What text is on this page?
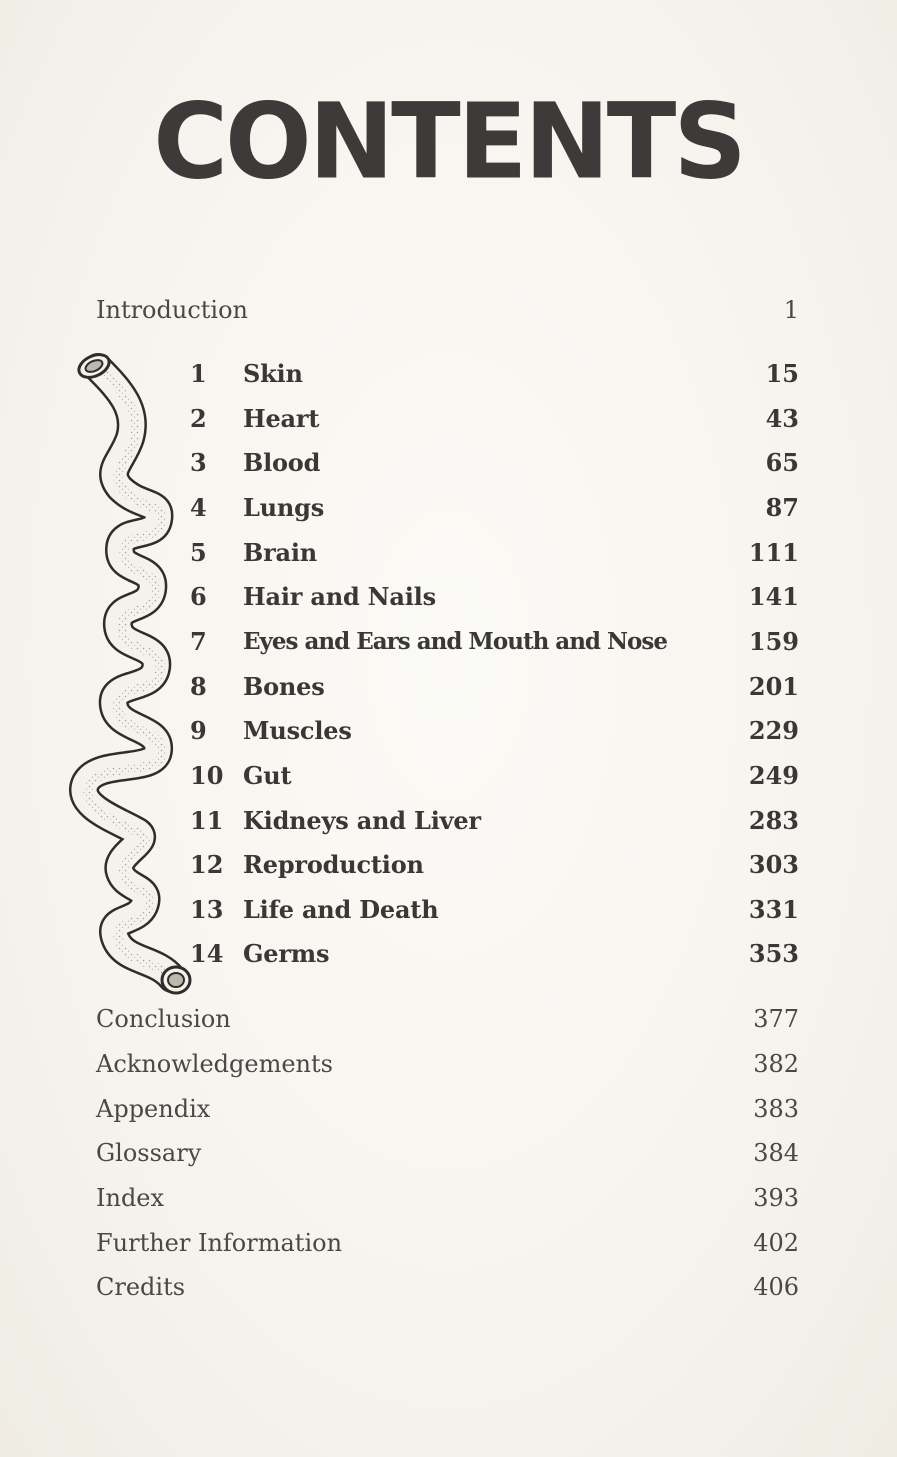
CONTENTS
Introduction	1
1 Skin	15
2 Heart	43
3 Blood	65
4 Lungs	87
5 Brain	111
6 Hair and Nails	141
7 Eyes and Ears and Mouth and Nose	159
8 Bones	201
9 Muscles	229
10 Gut	249
11 Kidneys and Liver	283
12 Reproduction	303
13 Life and Death	331
14 Germs	353
Conclusion	377
Acknowledgements	382
Appendix	383
Glossary	384
Index	393
Further Information	402
Credits	406
